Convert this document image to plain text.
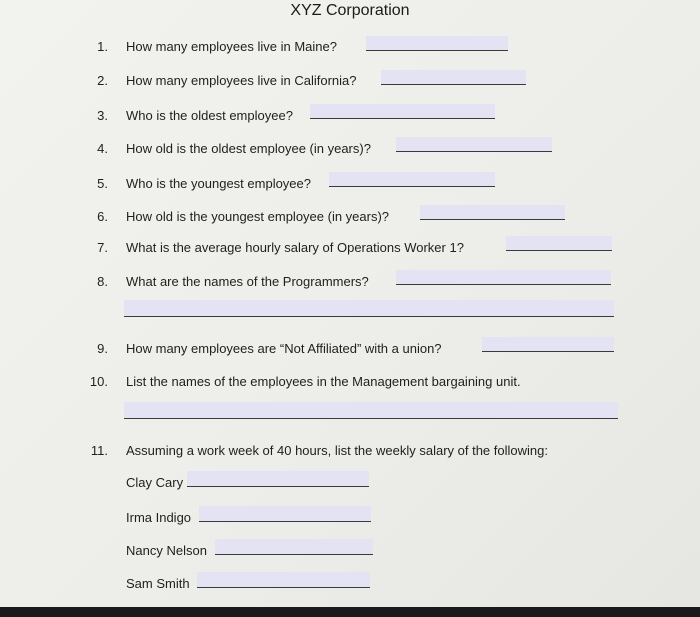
XYZ Corporation
1. How many employees live in Maine?
2. How many employees live in California?
3. Who is the oldest employee?
4. How old is the oldest employee (in years)?
5. Who is the youngest employee?
6. How old is the youngest employee (in years)?
7. What is the average hourly salary of Operations Worker 1?
8. What are the names of the Programmers?
9. How many employees are “Not Affiliated” with a union?
10. List the names of the employees in the Management bargaining unit.
11. Assuming a work week of 40 hours, list the weekly salary of the following:
Clay Cary
Irma Indigo
Nancy Nelson
Sam Smith
